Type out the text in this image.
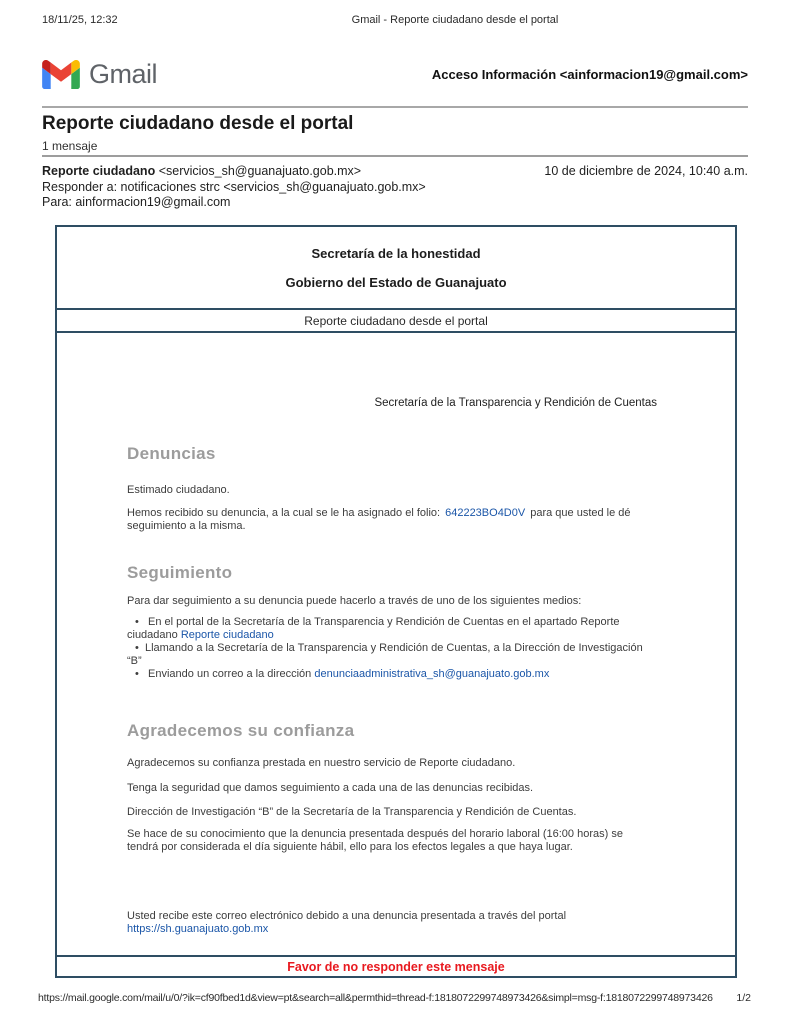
18/11/25, 12:32	Gmail - Reporte ciudadano desde el portal
Gmail	Acceso Información <ainformacion19@gmail.com>
Reporte ciudadano desde el portal
1 mensaje
Reporte ciudadano <servicios_sh@guanajuato.gob.mx>
Responder a: notificaciones strc <servicios_sh@guanajuato.gob.mx>
Para: ainformacion19@gmail.com
10 de diciembre de 2024, 10:40 a.m.
Secretaría de la honestidad
Gobierno del Estado de Guanajuato
Reporte ciudadano desde el portal
Secretaría de la Transparencia y Rendición de Cuentas
Denuncias
Estimado ciudadano.
Hemos recibido su denuncia, a la cual se le ha asignado el folio: 642223BO4D0V para que usted le dé seguimiento a la misma.
Seguimiento
Para dar seguimiento a su denuncia puede hacerlo a través de uno de los siguientes medios:
•  En el portal de la Secretaría de la Transparencia y Rendición de Cuentas en el apartado Reporte ciudadano Reporte ciudadano
•  Llamando a la Secretaría de la Transparencia y Rendición de Cuentas, a la Dirección de Investigación “B”
•  Enviando un correo a la dirección denunciaadministrativa_sh@guanajuato.gob.mx
Agradecemos su confianza
Agradecemos su confianza prestada en nuestro servicio de Reporte ciudadano.
Tenga la seguridad que damos seguimiento a cada una de las denuncias recibidas.
Dirección de Investigación “B” de la Secretaría de la Transparencia y Rendición de Cuentas.
Se hace de su conocimiento que la denuncia presentada después del horario laboral (16:00 horas) se tendrá por considerada el día siguiente hábil, ello para los efectos legales a que haya lugar.
Usted recibe este correo electrónico debido a una denuncia presentada a través del portal https://sh.guanajuato.gob.mx
Favor de no responder este mensaje
https://mail.google.com/mail/u/0/?ik=cf90fbed1d&view=pt&search=all&permthid=thread-f:1818072299748973426&simpl=msg-f:1818072299748973426 1/2
